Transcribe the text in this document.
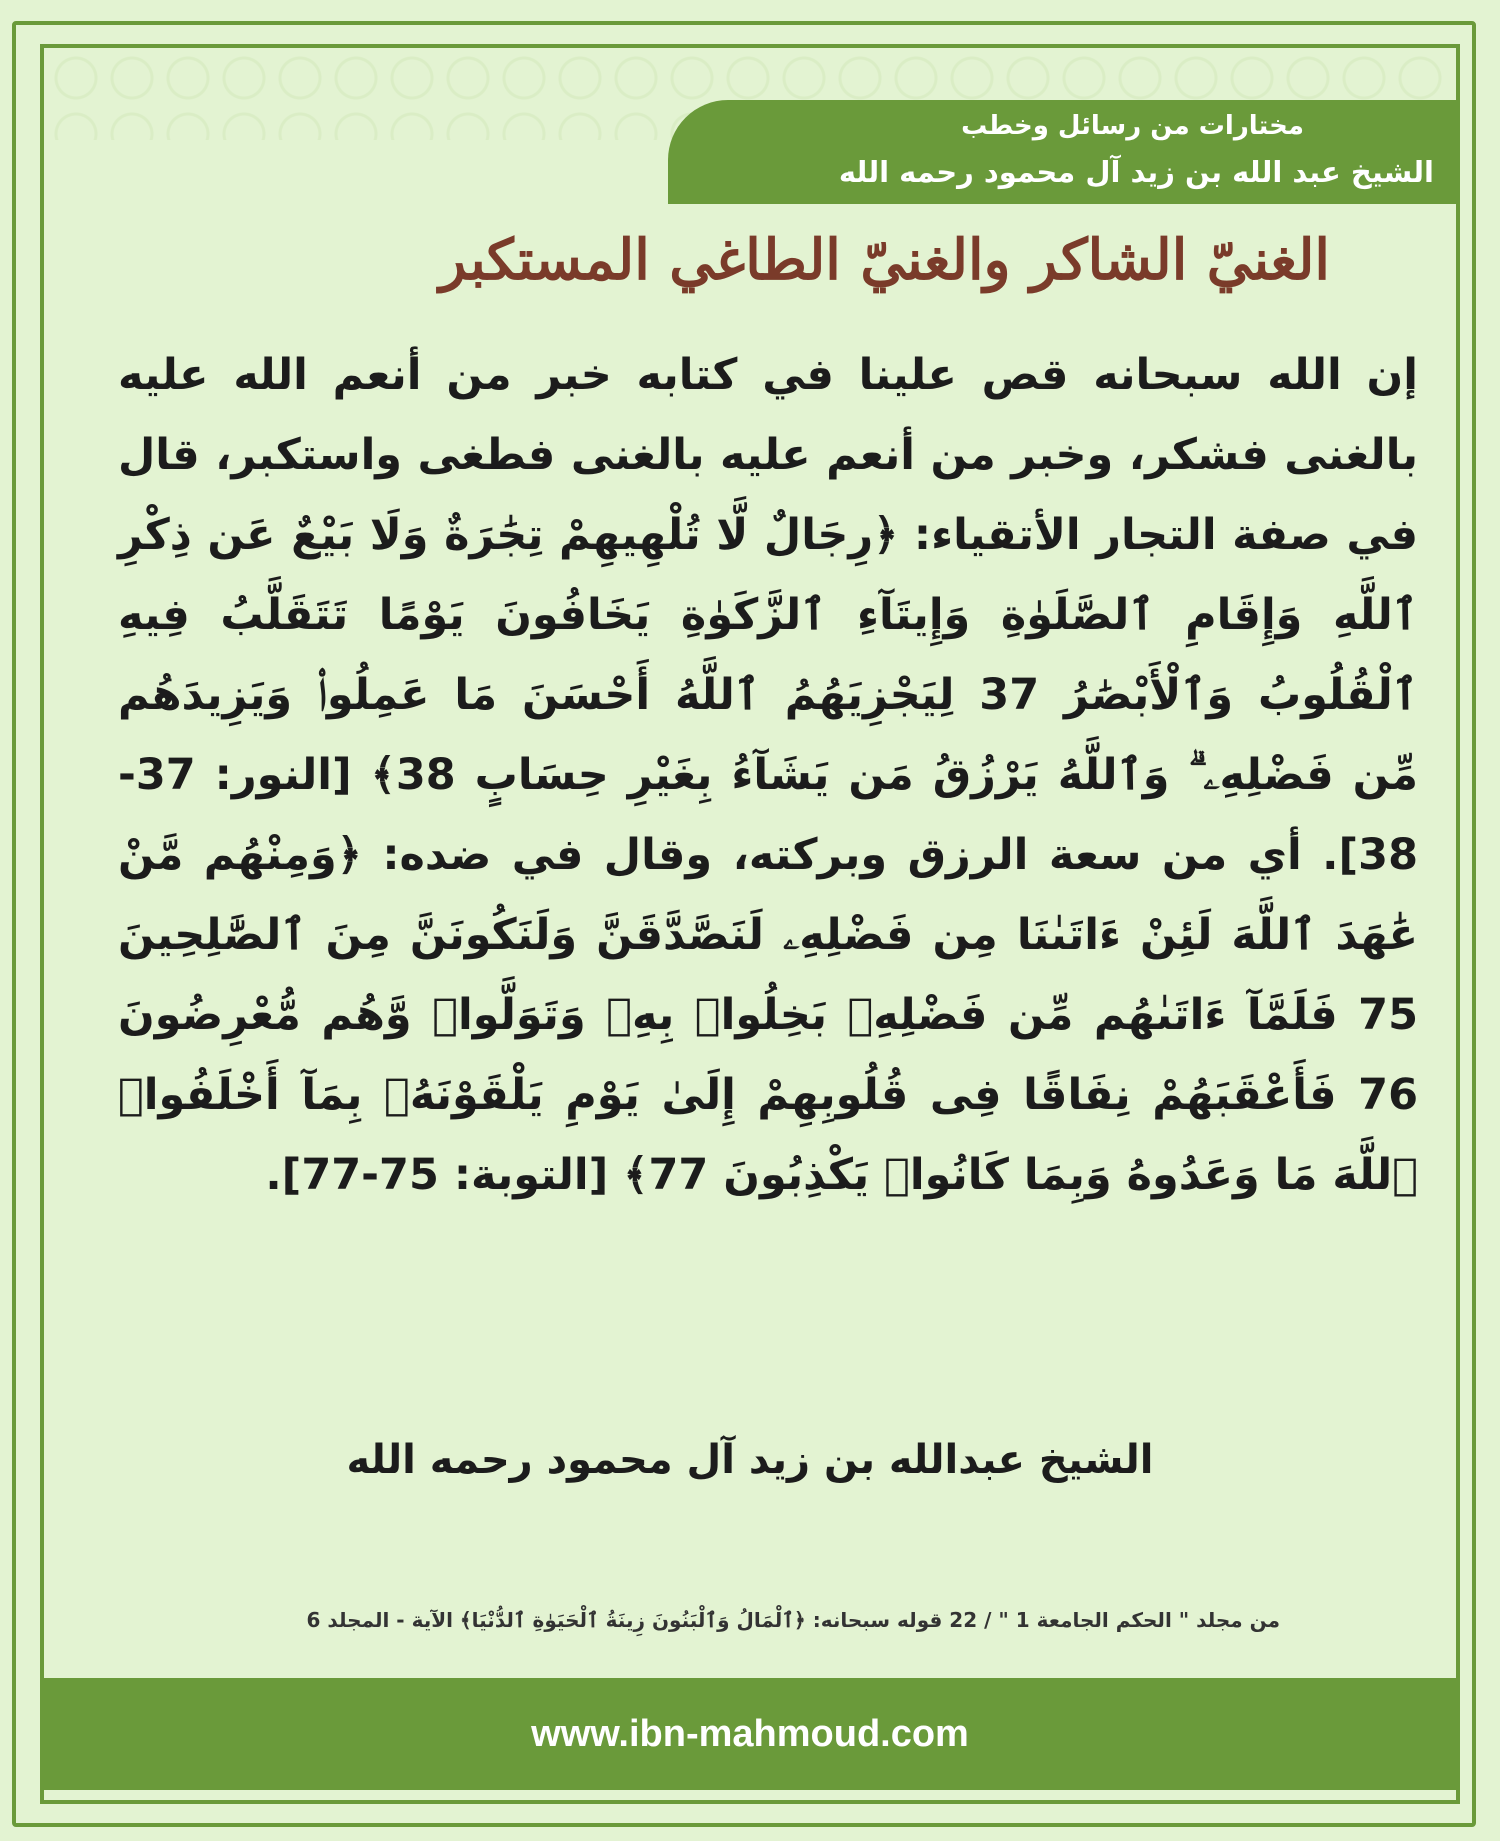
مختارات من رسائل وخطب
الشيخ عبد الله بن زيد آل محمود رحمه الله
الغنيّ الشاكر والغنيّ الطاغي المستكبر

إن الله سبحانه قص علينا في كتابه خبر من أنعم الله عليه بالغنى فشكر، وخبر من أنعم عليه بالغنى فطغى واستكبر، قال في صفة التجار الأتقياء: ﴿رِجَالٌ لَّا تُلْهِيهِمْ تِجَٰرَةٌ وَلَا بَيْعٌ عَن ذِكْرِ ٱللَّهِ وَإِقَامِ ٱلصَّلَوٰةِ وَإِيتَآءِ ٱلزَّكَوٰةِ يَخَافُونَ يَوْمًا تَتَقَلَّبُ فِيهِ ٱلْقُلُوبُ وَٱلْأَبْصَٰرُ 37 لِيَجْزِيَهُمُ ٱللَّهُ أَحْسَنَ مَا عَمِلُوا۟ وَيَزِيدَهُم مِّن فَضْلِهِۦ ۗ وَٱللَّهُ يَرْزُقُ مَن يَشَآءُ بِغَيْرِ حِسَابٍ 38﴾ [النور: 37-38]. أي من سعة الرزق وبركته، وقال في ضده: ﴿وَمِنْهُم مَّنْ عَٰهَدَ ٱللَّهَ لَئِنْ ءَاتَىٰنَا مِن فَضْلِهِۦ لَنَصَّدَّقَنَّ وَلَنَكُونَنَّ مِنَ ٱلصَّٰلِحِينَ 75 فَلَمَّآ ءَاتَىٰهُم مِّن فَضْلِهِۦ بَخِلُوا۟ بِهِۦ وَتَوَلَّوا۟ وَّهُم مُّعْرِضُونَ 76 فَأَعْقَبَهُمْ نِفَاقًا فِى قُلُوبِهِمْ إِلَىٰ يَوْمِ يَلْقَوْنَهُۥ بِمَآ أَخْلَفُوا۟ ٱللَّهَ مَا وَعَدُوهُ وَبِمَا كَانُوا۟ يَكْذِبُونَ 77﴾ [التوبة: 75-77].

الشيخ عبدالله بن زيد آل محمود رحمه الله
من مجلد " الحكم الجامعة 1 " / 22 قوله سبحانه: ﴿ٱلْمَالُ وَٱلْبَنُونَ زِينَةُ ٱلْحَيَوٰةِ ٱلدُّنْيَا﴾ الآية - المجلد 6
www.ibn-mahmoud.com
